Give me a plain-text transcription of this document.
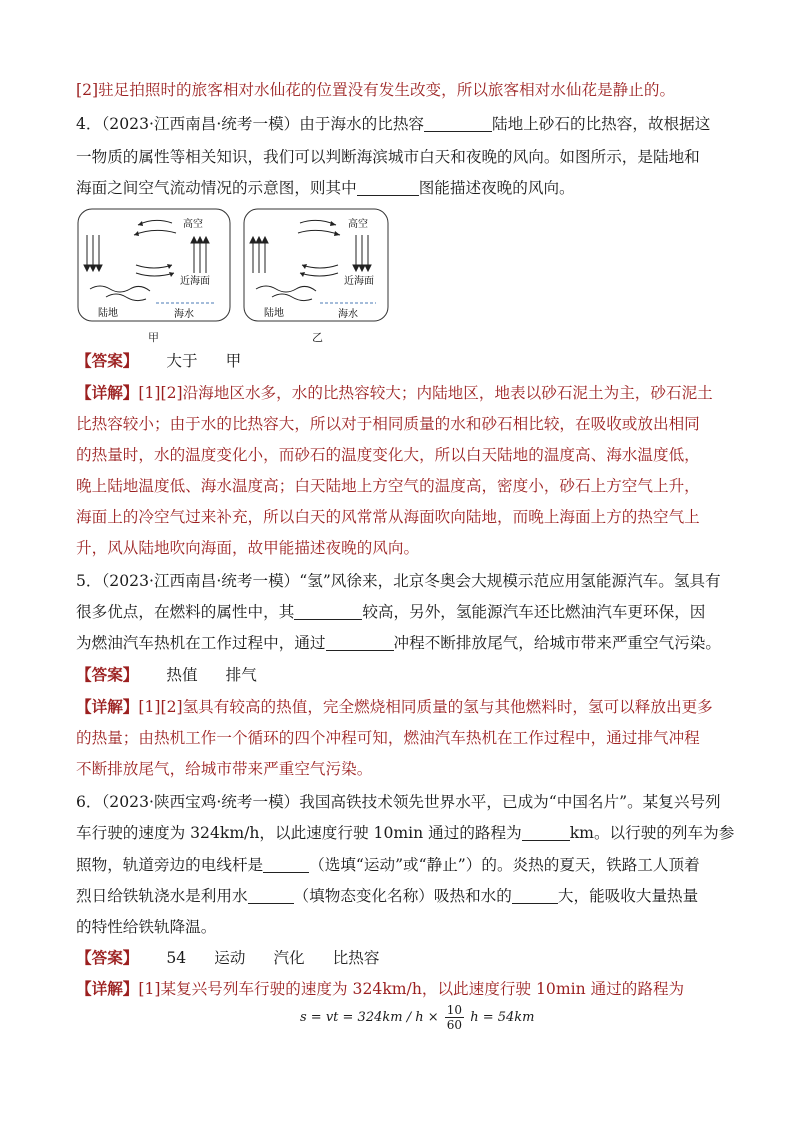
[2]驻足拍照时的旅客相对水仙花的位置没有发生改变，所以旅客相对水仙花是静止的。
4．（2023·江西南昌·统考一模）由于海水的比热容	陆地上砂石的比热容，故根据这
一物质的属性等相关知识，我们可以判断海滨城市白天和夜晚的风向。如图所示，是陆地和
海面之间空气流动情况的示意图，则其中	图能描述夜晚的风向。
高空
近海面
陆地	海水
甲
高空
近海面
陆地	海水
乙
【答案】 大于 甲
【详解】[1][2]沿海地区水多，水的比热容较大；内陆地区，地表以砂石泥土为主，砂石泥土
比热容较小；由于水的比热容大，所以对于相同质量的水和砂石相比较，在吸收或放出相同
的热量时，水的温度变化小，而砂石的温度变化大，所以白天陆地的温度高、海水温度低，
晚上陆地温度低、海水温度高；白天陆地上方空气的温度高，密度小，砂石上方空气上升，
海面上的冷空气过来补充，所以白天的风常常从海面吹向陆地，而晚上海面上方的热空气上
升，风从陆地吹向海面，故甲能描述夜晚的风向。
5．（2023·江西南昌·统考一模）“氢”风徐来，北京冬奥会大规模示范应用氢能源汽车。氢具有
很多优点，在燃料的属性中，其	较高，另外，氢能源汽车还比燃油汽车更环保，因
为燃油汽车热机在工作过程中，通过	冲程不断排放尾气，给城市带来严重空气污染。
【答案】 热值 排气
【详解】[1][2]氢具有较高的热值，完全燃烧相同质量的氢与其他燃料时，氢可以释放出更多
的热量；由热机工作一个循环的四个冲程可知，燃油汽车热机在工作过程中，通过排气冲程
不断排放尾气，给城市带来严重空气污染。
6．（2023·陕西宝鸡·统考一模）我国高铁技术领先世界水平，已成为“中国名片”。某复兴号列
车行驶的速度为 324km/h，以此速度行驶 10min 通过的路程为	km。以行驶的列车为参
照物，轨道旁边的电线杆是	（选填“运动”或“静止”）的。炎热的夏天，铁路工人顶着
烈日给铁轨浇水是利用水	（填物态变化名称）吸热和水的	大，能吸收大量热量
的特性给铁轨降温。
【答案】 54 运动 汽化 比热容
【详解】[1]某复兴号列车行驶的速度为 324km/h，以此速度行驶 10min 通过的路程为
s = vt = $324km / h \times \frac{10}{60}$ h = 54km
